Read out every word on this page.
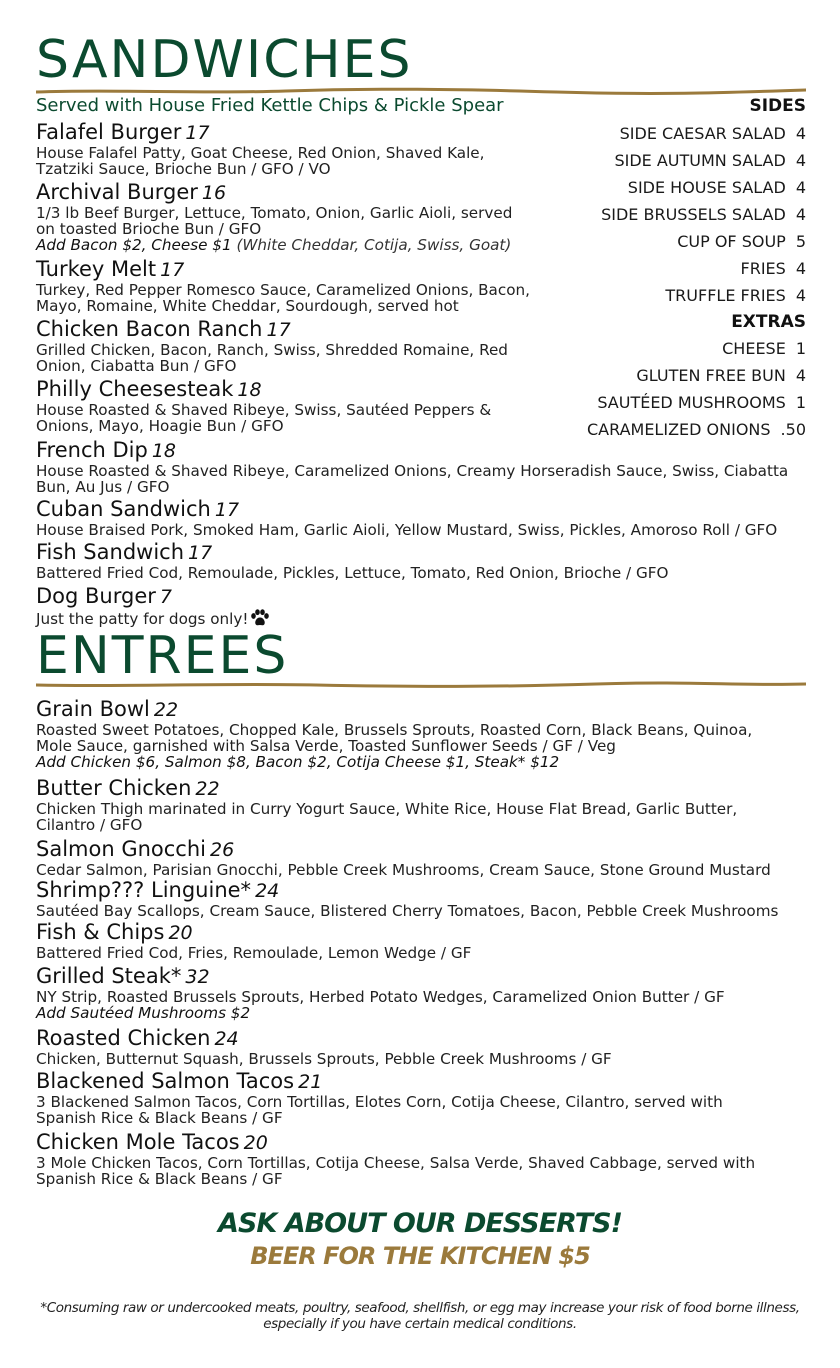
SANDWICHES
Served with House Fried Kettle Chips & Pickle Spear
Falafel Burger 17
House Falafel Patty, Goat Cheese, Red Onion, Shaved Kale,
Tzatziki Sauce, Brioche Bun / GFO / VO
Archival Burger 16
1/3 lb Beef Burger, Lettuce, Tomato, Onion, Garlic Aioli, served
on toasted Brioche Bun / GFO
Add Bacon $2, Cheese $1 (White Cheddar, Cotija, Swiss, Goat)
Turkey Melt 17
Turkey, Red Pepper Romesco Sauce, Caramelized Onions, Bacon,
Mayo, Romaine, White Cheddar, Sourdough, served hot
Chicken Bacon Ranch 17
Grilled Chicken, Bacon, Ranch, Swiss, Shredded Romaine, Red
Onion, Ciabatta Bun / GFO
Philly Cheesesteak 18
House Roasted & Shaved Ribeye, Swiss, Sautéed Peppers &
Onions, Mayo, Hoagie Bun / GFO
French Dip 18
House Roasted & Shaved Ribeye, Caramelized Onions, Creamy Horseradish Sauce, Swiss, Ciabatta
Bun, Au Jus / GFO
Cuban Sandwich 17
House Braised Pork, Smoked Ham, Garlic Aioli, Yellow Mustard, Swiss, Pickles, Amoroso Roll / GFO
Fish Sandwich 17
Battered Fried Cod, Remoulade, Pickles, Lettuce, Tomato, Red Onion, Brioche / GFO
Dog Burger 7
Just the patty for dogs only!
SIDES
SIDE CAESAR SALAD 4
SIDE AUTUMN SALAD 4
SIDE HOUSE SALAD 4
SIDE BRUSSELS SALAD 4
CUP OF SOUP 5
FRIES 4
TRUFFLE FRIES 4
EXTRAS
CHEESE 1
GLUTEN FREE BUN 4
SAUTÉED MUSHROOMS 1
CARAMELIZED ONIONS .50
ENTREES
Grain Bowl 22
Roasted Sweet Potatoes, Chopped Kale, Brussels Sprouts, Roasted Corn, Black Beans, Quinoa,
Mole Sauce, garnished with Salsa Verde, Toasted Sunflower Seeds / GF / Veg
Add Chicken $6, Salmon $8, Bacon $2, Cotija Cheese $1, Steak* $12
Butter Chicken 22
Chicken Thigh marinated in Curry Yogurt Sauce, White Rice, House Flat Bread, Garlic Butter,
Cilantro / GFO
Salmon Gnocchi 26
Cedar Salmon, Parisian Gnocchi, Pebble Creek Mushrooms, Cream Sauce, Stone Ground Mustard
Shrimp??? Linguine* 24
Sautéed Bay Scallops, Cream Sauce, Blistered Cherry Tomatoes, Bacon, Pebble Creek Mushrooms
Fish & Chips 20
Battered Fried Cod, Fries, Remoulade, Lemon Wedge / GF
Grilled Steak* 32
NY Strip, Roasted Brussels Sprouts, Herbed Potato Wedges, Caramelized Onion Butter / GF
Add Sautéed Mushrooms $2
Roasted Chicken 24
Chicken, Butternut Squash, Brussels Sprouts, Pebble Creek Mushrooms / GF
Blackened Salmon Tacos 21
3 Blackened Salmon Tacos, Corn Tortillas, Elotes Corn, Cotija Cheese, Cilantro, served with
Spanish Rice & Black Beans / GF
Chicken Mole Tacos 20
3 Mole Chicken Tacos, Corn Tortillas, Cotija Cheese, Salsa Verde, Shaved Cabbage, served with
Spanish Rice & Black Beans / GF
ASK ABOUT OUR DESSERTS!
BEER FOR THE KITCHEN $5
*Consuming raw or undercooked meats, poultry, seafood, shellfish, or egg may increase your risk of food borne illness,
especially if you have certain medical conditions.
